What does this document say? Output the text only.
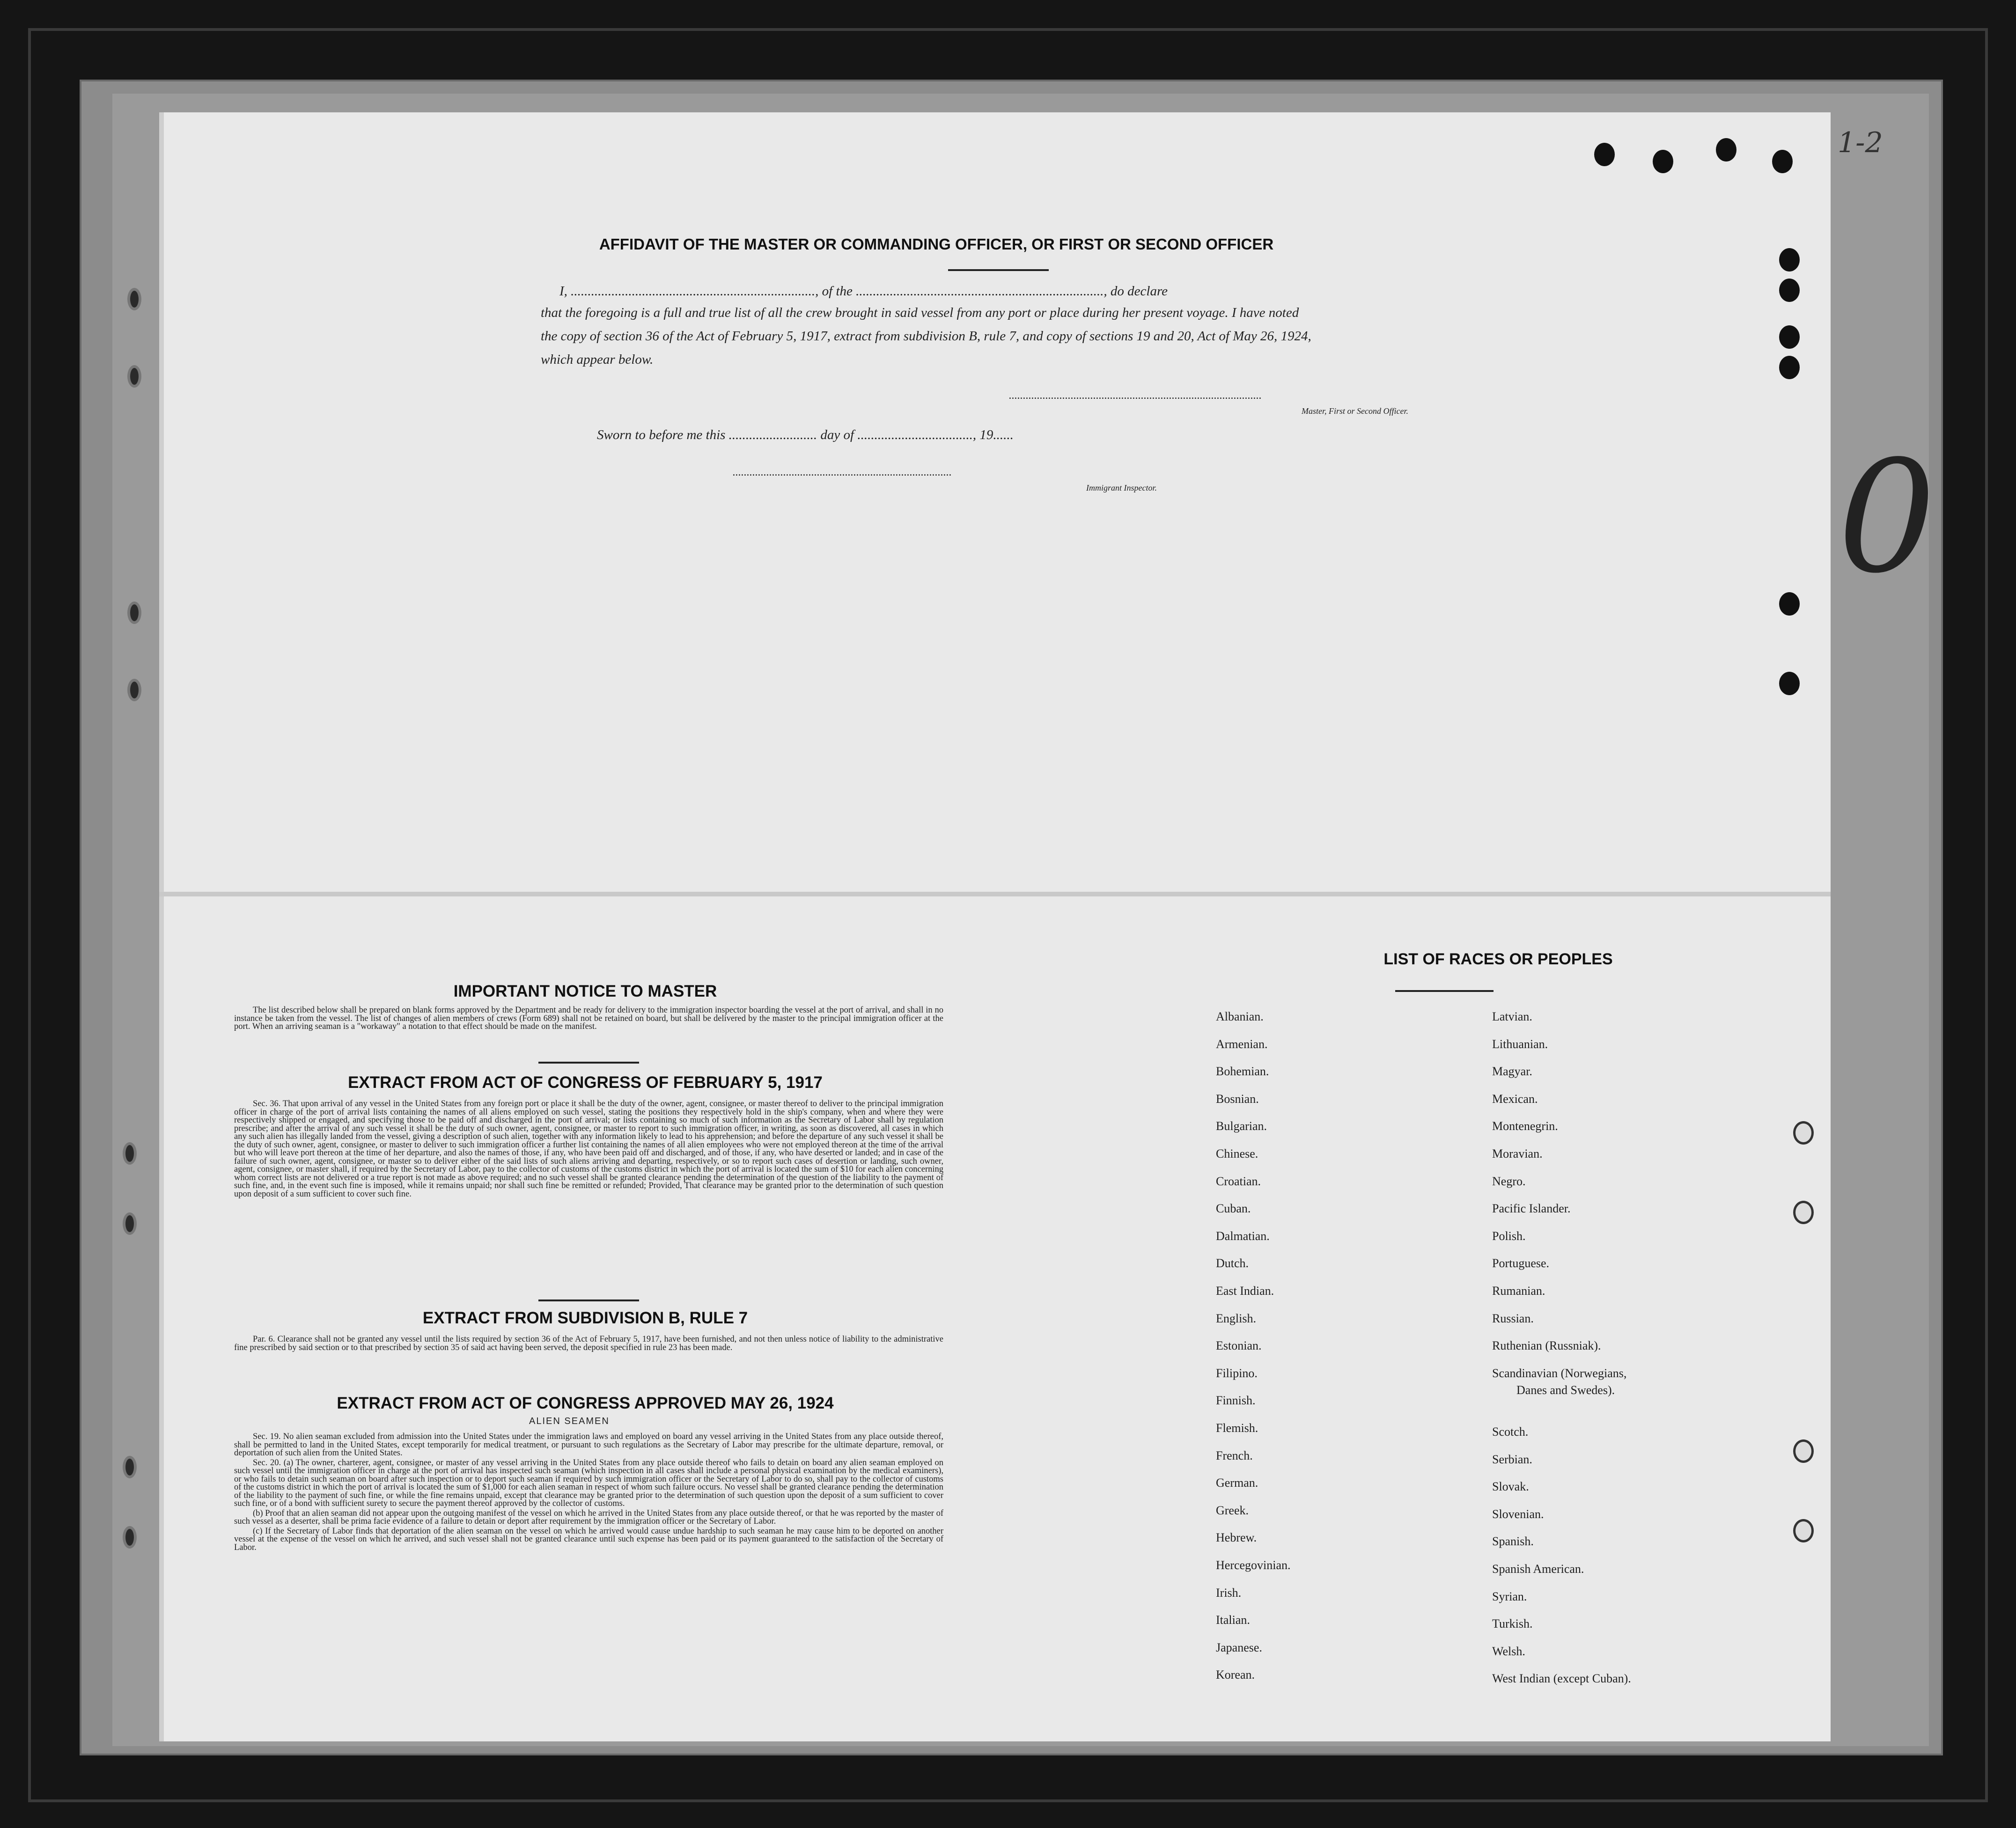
1-2
0
AFFIDAVIT OF THE MASTER OR COMMANDING OFFICER, OR FIRST OR SECOND OFFICER
I, ........................................................................, of the ........................................................................., do declare
that the foregoing is a full and true list of all the crew brought in said vessel from any port or place during her present voyage. I have noted
the copy of section 36 of the Act of February 5, 1917, extract from subdivision B, rule 7, and copy of sections 19 and 20, Act of May 26, 1924,
which appear below.
..........................................................................................
Master, First or Second Officer.
Sworn to before me this .......................... day of .................................., 19......
..............................................................................
Immigrant Inspector.
IMPORTANT NOTICE TO MASTER

The list described below shall be prepared on blank forms approved by the Department and be ready for delivery to the immigration inspector boarding the vessel at the port of arrival, and shall in no instance be taken from the vessel. The list of changes of alien members of crews (Form 689) shall not be retained on board, but shall be delivered by the master to the principal immigration officer at the port. When an arriving seaman is a "workaway" a notation to that effect should be made on the manifest.

EXTRACT FROM ACT OF CONGRESS OF FEBRUARY 5, 1917

Sec. 36. That upon arrival of any vessel in the United States from any foreign port or place it shall be the duty of the owner, agent, consignee, or master thereof to deliver to the principal immigration officer in charge of the port of arrival lists containing the names of all aliens employed on such vessel, stating the positions they respectively hold in the ship's company, when and where they were respectively shipped or engaged, and specifying those to be paid off and discharged in the port of arrival; or lists containing so much of such information as the Secretary of Labor shall by regulation prescribe; and after the arrival of any such vessel it shall be the duty of such owner, agent, consignee, or master to report to such immigration officer, in writing, as soon as discovered, all cases in which any such alien has illegally landed from the vessel, giving a description of such alien, together with any information likely to lead to his apprehension; and before the departure of any such vessel it shall be the duty of such owner, agent, consignee, or master to deliver to such immigration officer a further list containing the names of all alien employees who were not employed thereon at the time of the arrival but who will leave port thereon at the time of her departure, and also the names of those, if any, who have been paid off and discharged, and of those, if any, who have deserted or landed; and in case of the failure of such owner, agent, consignee, or master so to deliver either of the said lists of such aliens arriving and departing, respectively, or so to report such cases of desertion or landing, such owner, agent, consignee, or master shall, if required by the Secretary of Labor, pay to the collector of customs of the customs district in which the port of arrival is located the sum of $10 for each alien concerning whom correct lists are not delivered or a true report is not made as above required; and no such vessel shall be granted clearance pending the determination of the question of the liability to the payment of such fine, and, in the event such fine is imposed, while it remains unpaid; nor shall such fine be remitted or refunded; Provided, That clearance may be granted prior to the determination of such question upon deposit of a sum sufficient to cover such fine.

EXTRACT FROM SUBDIVISION B, RULE 7

Par. 6. Clearance shall not be granted any vessel until the lists required by section 36 of the Act of February 5, 1917, have been furnished, and not then unless notice of liability to the administrative fine prescribed by said section or to that prescribed by section 35 of said act having been served, the deposit specified in rule 23 has been made.

EXTRACT FROM ACT OF CONGRESS APPROVED MAY 26, 1924
ALIEN SEAMEN

Sec. 19. No alien seaman excluded from admission into the United States under the immigration laws and employed on board any vessel arriving in the United States from any place outside thereof, shall be permitted to land in the United States, except temporarily for medical treatment, or pursuant to such regulations as the Secretary of Labor may prescribe for the ultimate departure, removal, or deportation of such alien from the United States.

Sec. 20. (a) The owner, charterer, agent, consignee, or master of any vessel arriving in the United States from any place outside thereof who fails to detain on board any alien seaman employed on such vessel until the immigration officer in charge at the port of arrival has inspected such seaman (which inspection in all cases shall include a personal physical examination by the medical examiners), or who fails to detain such seaman on board after such inspection or to deport such seaman if required by such immigration officer or the Secretary of Labor to do so, shall pay to the collector of customs of the customs district in which the port of arrival is located the sum of $1,000 for each alien seaman in respect of whom such failure occurs. No vessel shall be granted clearance pending the determination of the liability to the payment of such fine, or while the fine remains unpaid, except that clearance may be granted prior to the determination of such question upon the deposit of a sum sufficient to cover such fine, or of a bond with sufficient surety to secure the payment thereof approved by the collector of customs.

(b) Proof that an alien seaman did not appear upon the outgoing manifest of the vessel on which he arrived in the United States from any place outside thereof, or that he was reported by the master of such vessel as a deserter, shall be prima facie evidence of a failure to detain or deport after requirement by the immigration officer or the Secretary of Labor.

(c) If the Secretary of Labor finds that deportation of the alien seaman on the vessel on which he arrived would cause undue hardship to such seaman he may cause him to be deported on another vessel at the expense of the vessel on which he arrived, and such vessel shall not be granted clearance until such expense has been paid or its payment guaranteed to the satisfaction of the Secretary of Labor.

LIST OF RACES OR PEOPLES
Albanian.
Armenian.
Bohemian.
Bosnian.
Bulgarian.
Chinese.
Croatian.
Cuban.
Dalmatian.
Dutch.
East Indian.
English.
Estonian.
Filipino.
Finnish.
Flemish.
French.
German.
Greek.
Hebrew.
Hercegovinian.
Irish.
Italian.
Japanese.
Korean.
Latvian.
Lithuanian.
Magyar.
Mexican.
Montenegrin.
Moravian.
Negro.
Pacific Islander.
Polish.
Portuguese.
Rumanian.
Russian.
Ruthenian (Russniak).
Scandinavian (Norwegians,
Danes and Swedes).
Scotch.
Serbian.
Slovak.
Slovenian.
Spanish.
Spanish American.
Syrian.
Turkish.
Welsh.
West Indian (except Cuban).
